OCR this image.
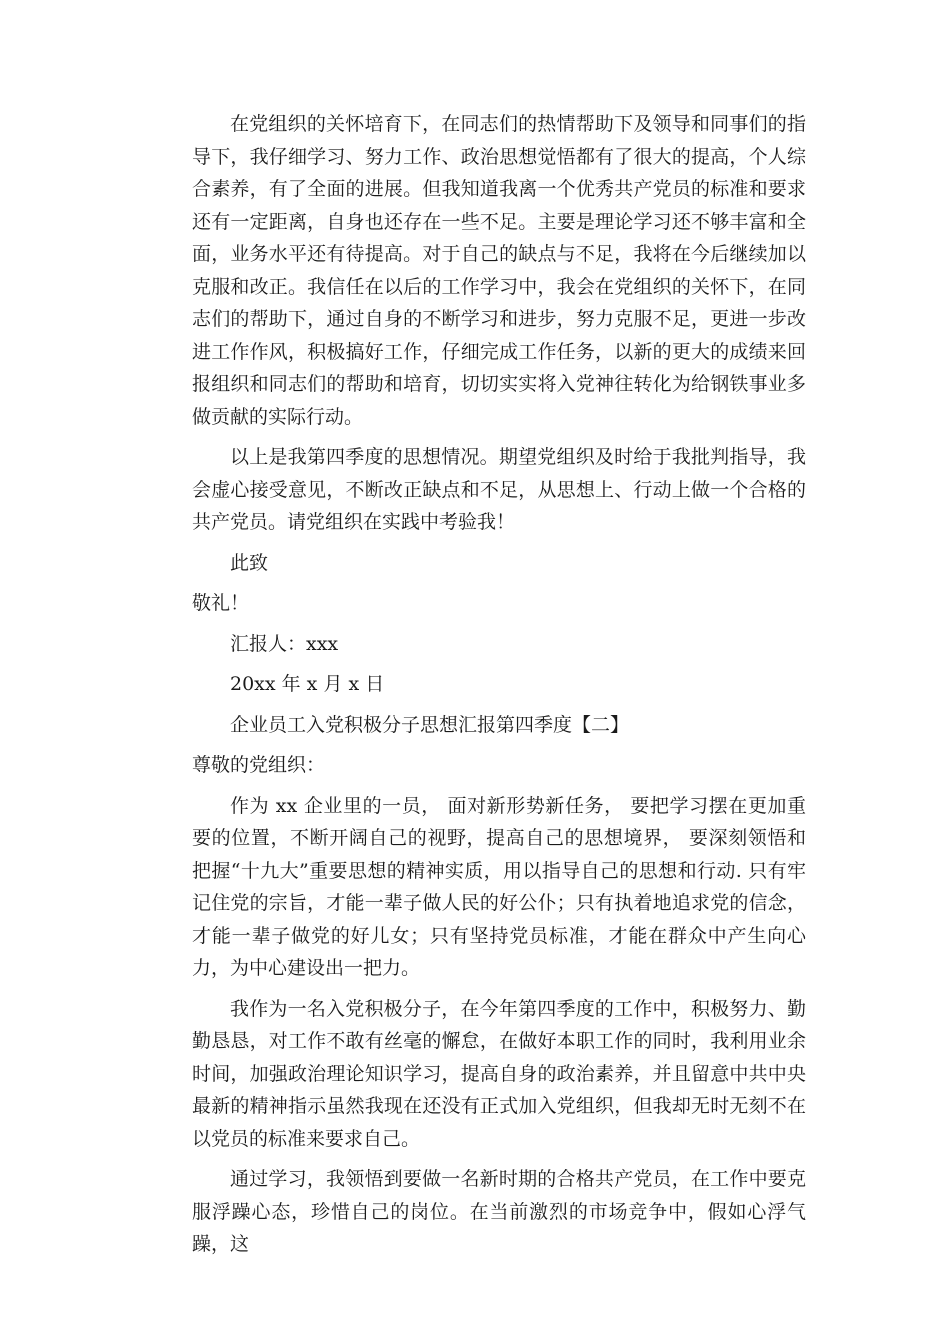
在党组织的关怀培育下，在同志们的热情帮助下及领导和同事们的指导下，我仔细学习、努力工作、政治思想觉悟都有了很大的提高，个人综合素养，有了全面的进展。但我知道我离一个优秀共产党员的标准和要求还有一定距离，自身也还存在一些不足。主要是理论学习还不够丰富和全面，业务水平还有待提高。对于自己的缺点与不足，我将在今后继续加以克服和改正。我信任在以后的工作学习中，我会在党组织的关怀下，在同志们的帮助下，通过自身的不断学习和进步，努力克服不足，更进一步改进工作作风，积极搞好工作，仔细完成工作任务，以新的更大的成绩来回报组织和同志们的帮助和培育，切切实实将入党神往转化为给钢铁事业多做贡献的实际行动。

以上是我第四季度的思想情况。期望党组织及时给于我批判指导，我会虚心接受意见，不断改正缺点和不足，从思想上、行动上做一个合格的共产党员。请党组织在实践中考验我！

此致

敬礼！

汇报人：xxx

20xx 年 x 月 x 日

企业员工入党积极分子思想汇报第四季度【二】

尊敬的党组织：

作为 xx 企业里的一员， 面对新形势新任务， 要把学习摆在更加重要的位置，不断开阔自己的视野，提高自己的思想境界， 要深刻领悟和把握“十九大”重要思想的精神实质，用以指导自己的思想和行动. 只有牢记住党的宗旨，才能一辈子做人民的好公仆；只有执着地追求党的信念，才能一辈子做党的好儿女；只有坚持党员标准，才能在群众中产生向心力，为中心建设出一把力。

我作为一名入党积极分子，在今年第四季度的工作中，积极努力、勤勤恳恳，对工作不敢有丝毫的懈怠，在做好本职工作的同时，我利用业余时间，加强政治理论知识学习，提高自身的政治素养，并且留意中共中央最新的精神指示虽然我现在还没有正式加入党组织，但我却无时无刻不在以党员的标准来要求自己。

通过学习，我领悟到要做一名新时期的合格共产党员，在工作中要克服浮躁心态，珍惜自己的岗位。在当前激烈的市场竞争中，假如心浮气躁，这
